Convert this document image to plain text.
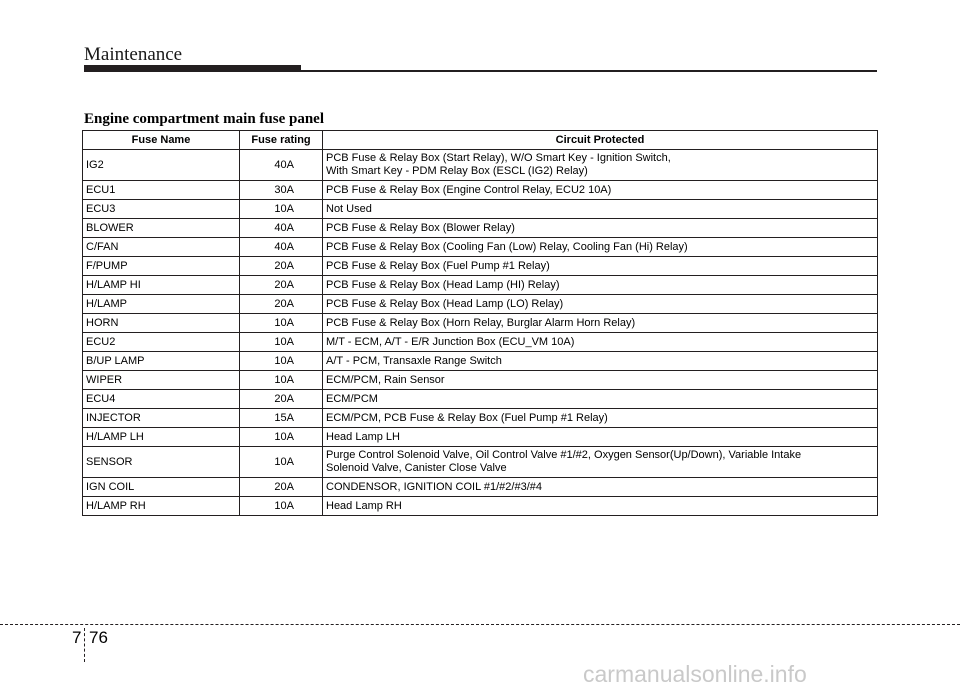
Maintenance
Engine compartment main fuse panel
Fuse Name	Fuse rating	Circuit Protected
IG2	40A	PCB Fuse & Relay Box (Start Relay), W/O Smart Key - Ignition Switch,
With Smart Key - PDM Relay Box (ESCL (IG2) Relay)

ECU1	30A	PCB Fuse & Relay Box (Engine Control Relay, ECU2 10A)

ECU3	10A	Not Used

BLOWER	40A	PCB Fuse & Relay Box (Blower Relay)

C/FAN	40A	PCB Fuse & Relay Box (Cooling Fan (Low) Relay, Cooling Fan (Hi) Relay)

F/PUMP	20A	PCB Fuse & Relay Box (Fuel Pump #1 Relay)

H/LAMP HI	20A	PCB Fuse & Relay Box (Head Lamp (HI) Relay)

H/LAMP	20A	PCB Fuse & Relay Box (Head Lamp (LO) Relay)

HORN	10A	PCB Fuse & Relay Box (Horn Relay, Burglar Alarm Horn Relay)

ECU2	10A	M/T - ECM, A/T - E/R Junction Box (ECU_VM 10A)

B/UP LAMP	10A	A/T - PCM, Transaxle Range Switch

WIPER	10A	ECM/PCM, Rain Sensor

ECU4	20A	ECM/PCM

INJECTOR	15A	ECM/PCM, PCB Fuse & Relay Box (Fuel Pump #1 Relay)

H/LAMP LH	10A	Head Lamp LH

SENSOR	10A	Purge Control Solenoid Valve, Oil Control Valve #1/#2, Oxygen Sensor(Up/Down), Variable Intake
Solenoid Valve, Canister Close Valve

IGN COIL	20A	CONDENSOR, IGNITION COIL #1/#2/#3/#4

H/LAMP RH	10A	Head Lamp RH
7 76
carmanualsonline.info
